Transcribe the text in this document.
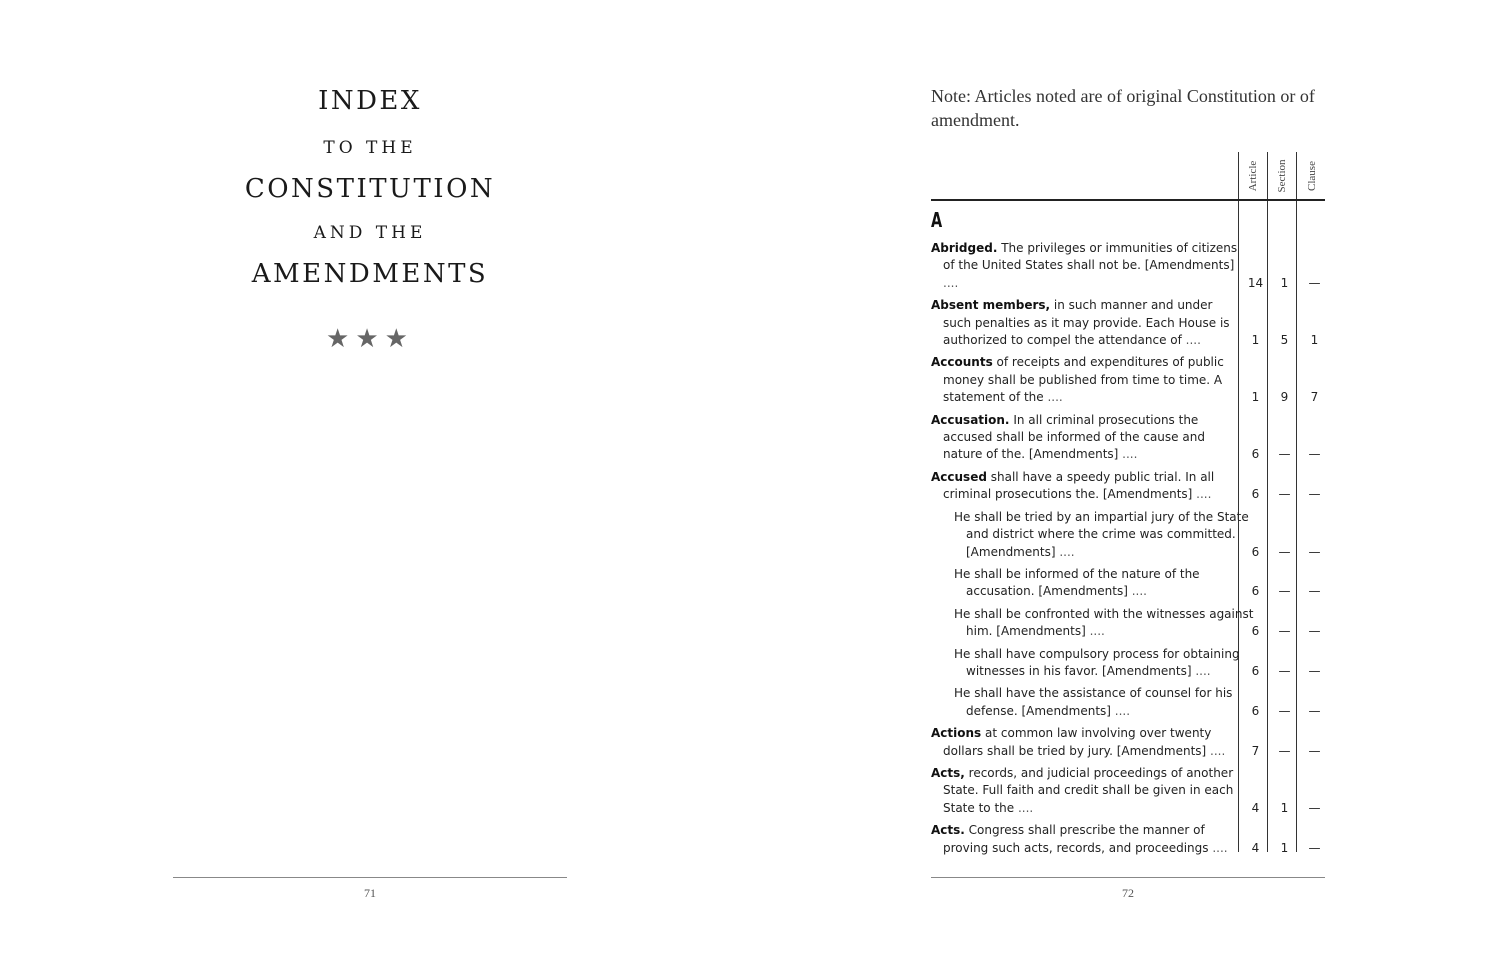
INDEX
TO THE
CONSTITUTION
AND THE
AMENDMENTS
★★★
71
Note: Articles noted are of original Constitution or of amendment.
Article Section Clause
A
Abridged. The privileges or immunities of citizens of the United States shall not be. [Amendments] ....	14	1	—
Absent members, in such manner and under such penalties as it may provide. Each House is authorized to compel the attendance of ....	1	5	1
Accounts of receipts and expenditures of public money shall be published from time to time. A statement of the ....	1	9	7
Accusation. In all criminal prosecutions the accused shall be informed of the cause and nature of the. [Amendments] ....	6	—	—
Accused shall have a speedy public trial. In all criminal prosecutions the. [Amendments] ....	6	—	—
He shall be tried by an impartial jury of the State and district where the crime was committed. [Amendments] ....	6	—	—
He shall be informed of the nature of the accusation. [Amendments] ....	6	—	—
He shall be confronted with the witnesses against him. [Amendments] ....	6	—	—
He shall have compulsory process for obtaining witnesses in his favor. [Amendments] ....	6	—	—
He shall have the assistance of counsel for his defense. [Amendments] ....	6	—	—
Actions at common law involving over twenty dollars shall be tried by jury. [Amendments] ....	7	—	—
Acts, records, and judicial proceedings of another State. Full faith and credit shall be given in each State to the ....	4	1	—
Acts. Congress shall prescribe the manner of proving such acts, records, and proceedings ....	4	1	—
72
